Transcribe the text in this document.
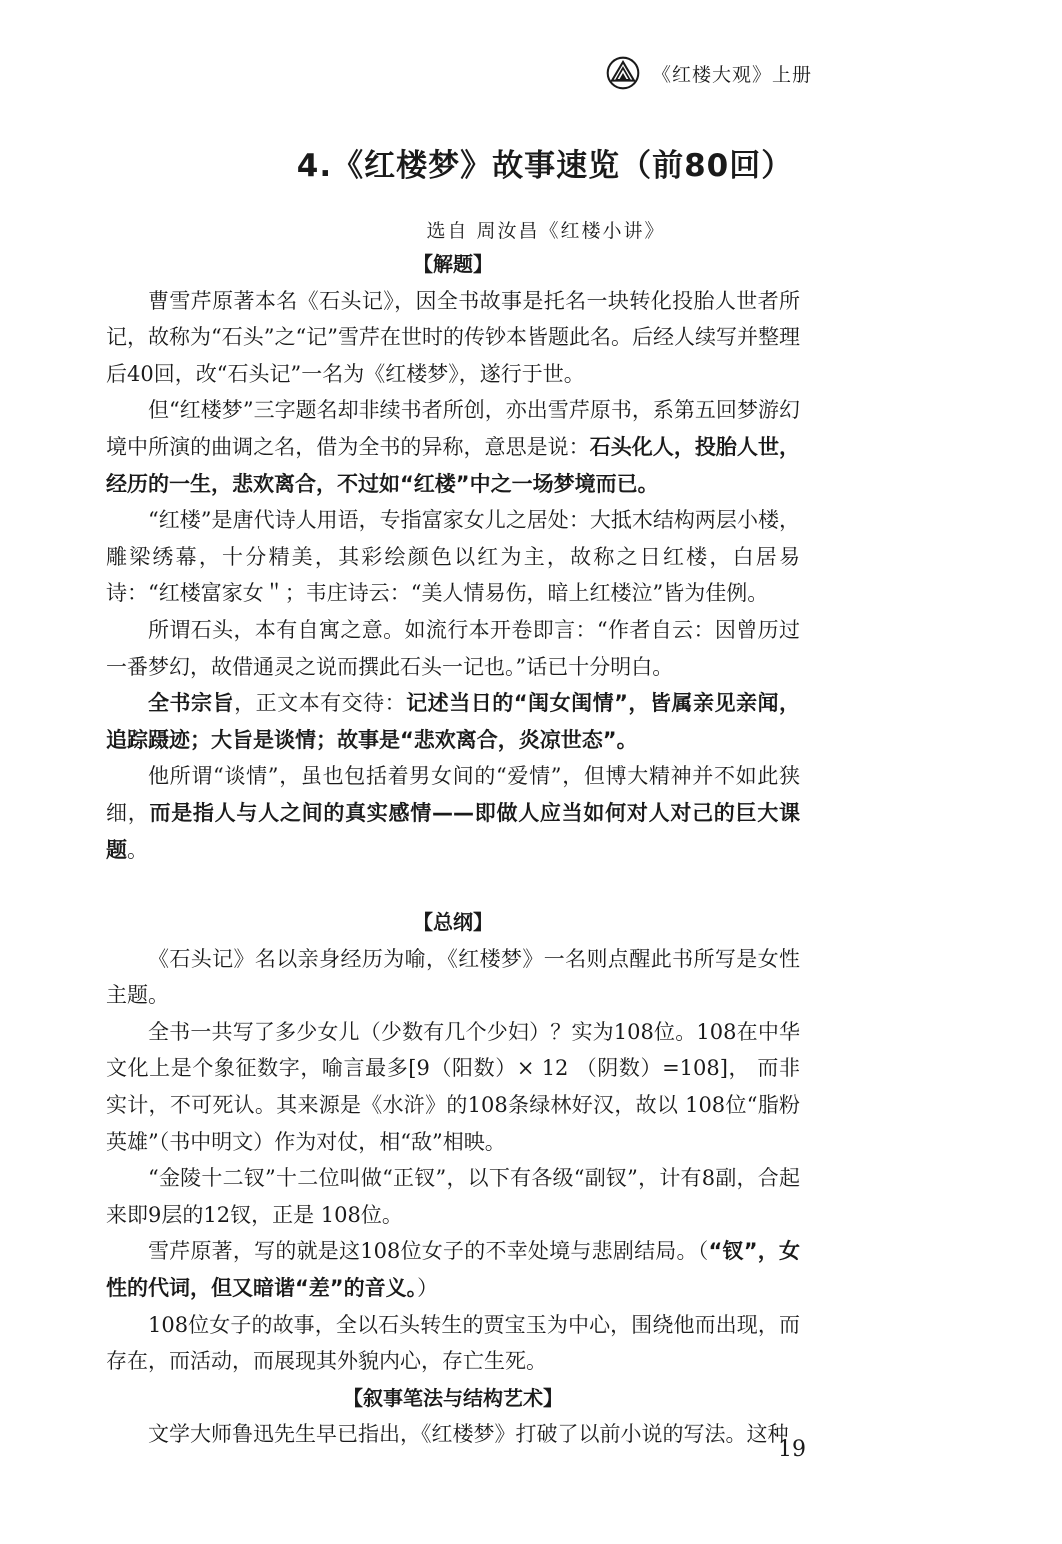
《红楼大观》上册
4.《红楼梦》故事速览（前80回）
选自 周汝昌《红楼小讲》
【解题】

曹雪芹原著本名《石头记》，因全书故事是托名一块转化投胎人世者所记，故称为“石头”之“记”雪芹在世时的传钞本皆题此名。后经人续写并整理后40回，改“石头记”一名为《红楼梦》，遂行于世。

但“红楼梦”三字题名却非续书者所创，亦出雪芹原书，系第五回梦游幻境中所演的曲调之名，借为全书的异称，意思是说：石头化人，投胎人世，经历的一生，悲欢离合，不过如“红楼”中之一场梦境而已。

“红楼”是唐代诗人用语，专指富家女儿之居处：大抵木结构两层小楼，雕梁绣幕，十分精美，其彩绘颜色以红为主，故称之日红楼，白居易诗：“红楼富家女＂；韦庄诗云：“美人情易伤，暗上红楼泣”皆为佳例。

所谓石头，本有自寓之意。如流行本开卷即言：“作者自云：因曾历过一番梦幻，故借通灵之说而撰此石头一记也。”话已十分明白。

全书宗旨，正文本有交待：记述当日的“闺女闺情”，皆属亲见亲闻，追踪蹑迹；大旨是谈情；故事是“悲欢离合，炎凉世态”。

他所谓“谈情”，虽也包括着男女间的“爱情”，但博大精神并不如此狭细，而是指人与人之间的真实感情——即做人应当如何对人对己的巨大课题。

【总纲】

《石头记》名以亲身经历为喻，《红楼梦》一名则点醒此书所写是女性主题。

全书一共写了多少女儿（少数有几个少妇）？实为108位。108在中华文化上是个象征数字，喻言最多[9（阳数）× 12 （阴数）=108]， 而非实计，不可死认。其来源是《水浒》的108条绿林好汉，故以 108位“脂粉英雄”（书中明文）作为对仗，相“敌”相映。

“金陵十二钗”十二位叫做“正钗”，以下有各级“副钗”，计有8副，合起来即9层的12钗，正是 108位。

雪芹原著，写的就是这108位女子的不幸处境与悲剧结局。（“钗”，女性的代词，但又暗谐“差”的音义。）

108位女子的故事，全以石头转生的贾宝玉为中心，围绕他而出现，而存在，而活动，而展现其外貌内心，存亡生死。

【叙事笔法与结构艺术】

文学大师鲁迅先生早已指出，《红楼梦》打破了以前小说的写法。这种

19
